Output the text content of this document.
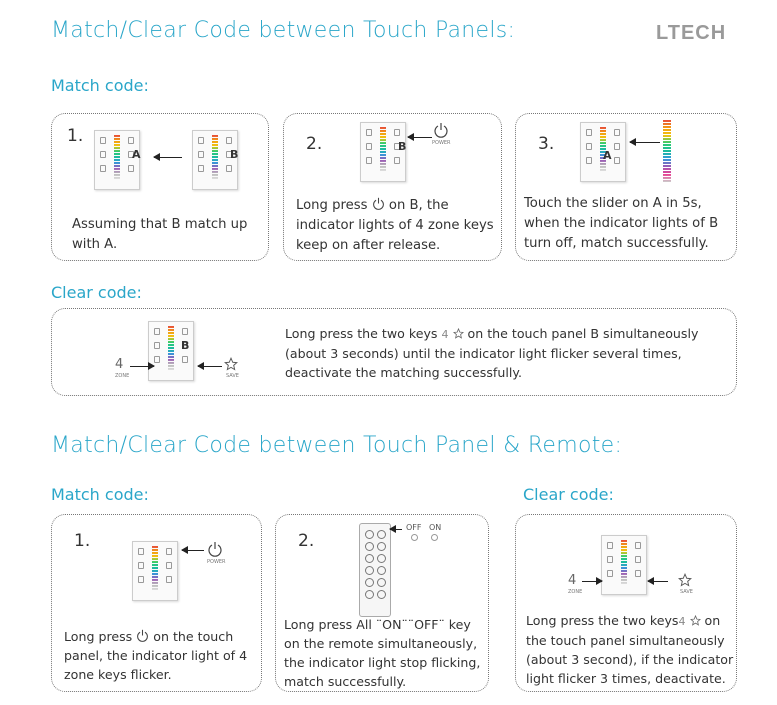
Match/Clear Code between Touch Panels:	LTECH
Match code:
1.
A	B
Assuming that B match up with A.
2.	B	POWER
Long press on B, the indicator lights of 4 zone keys keep on after release.
3.
A
Touch the slider on A in 5s, when the indicator lights of B turn off, match successfully.
Clear code:
B
4
ZONE	SAVE
Long press the two keys 4 on the touch panel B simultaneously (about 3 seconds) until the indicator light flicker several times, deactivate the matching successfully.
Match/Clear Code between Touch Panel & Remote:
Match code:	Clear code:
1.
POWER
Long press on the touch panel, the indicator light of 4 zone keys flicker.
2.
OFF ON
Long press All ¨ON¨¨OFF¨ key on the remote simultaneously, the indicator light stop flicking, match successfully.
4
ZONE	SAVE
Long press the two keys4 on the touch panel simultaneously (about 3 second), if the indicator light flicker 3 times, deactivate.
